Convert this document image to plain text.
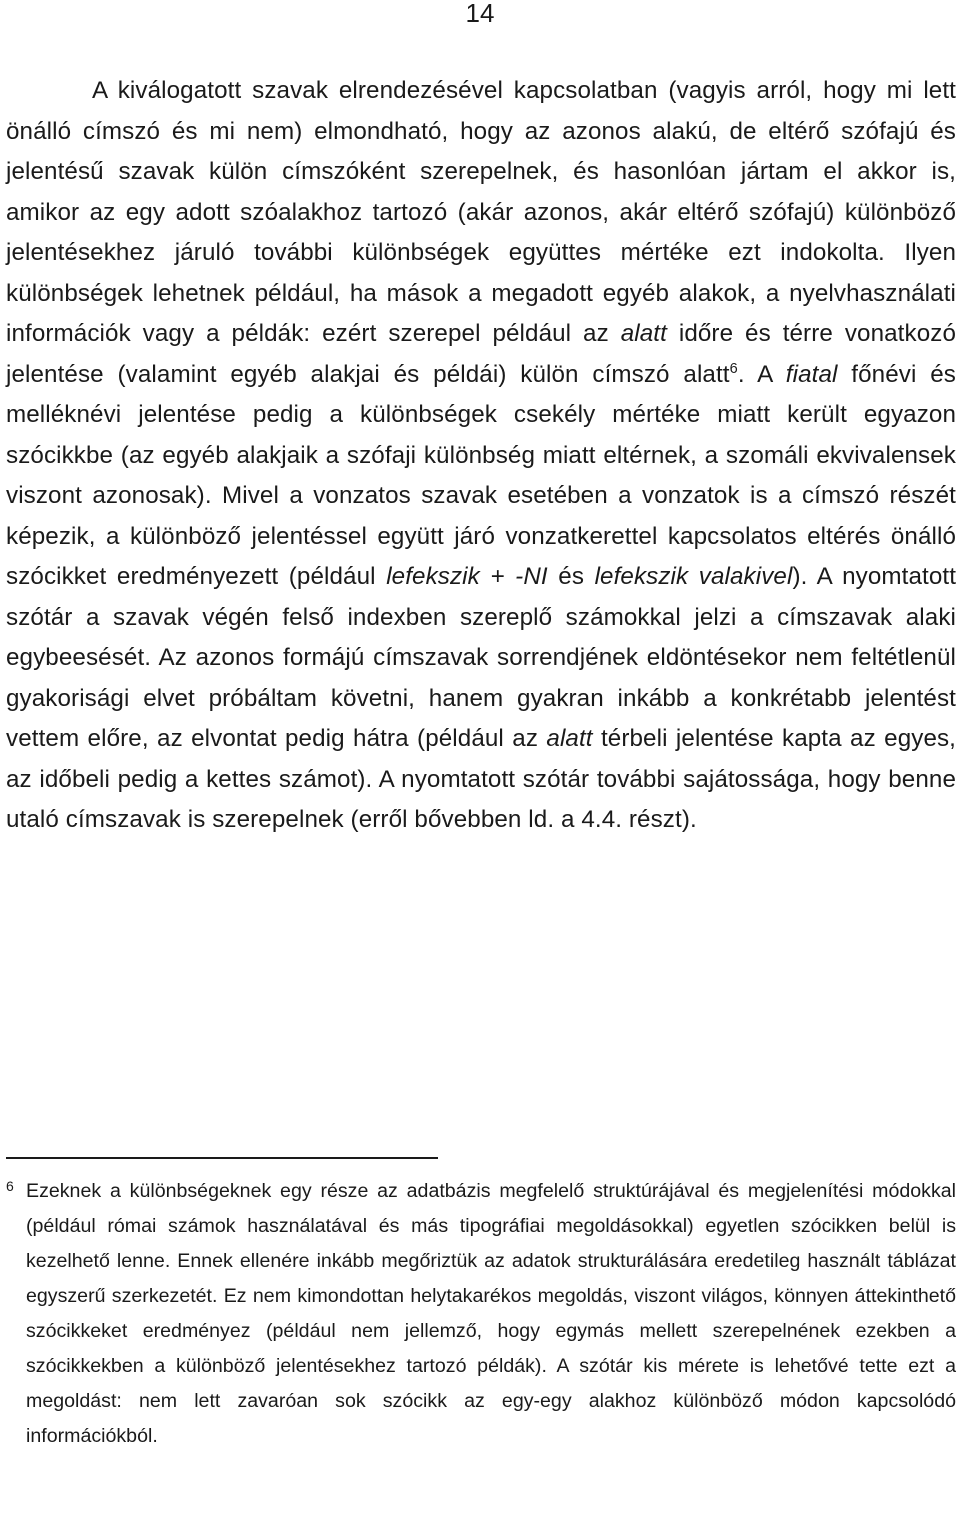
14

A kiválogatott szavak elrendezésével kapcsolatban (vagyis arról, hogy mi lett önálló címszó és mi nem) elmondható, hogy az azonos alakú, de eltérő szófajú és jelentésű szavak külön címszóként szerepelnek, és hasonlóan jártam el akkor is, amikor az egy adott szóalakhoz tartozó (akár azonos, akár eltérő szófajú) különböző jelentésekhez járuló további különbségek együttes mértéke ezt indokolta. Ilyen különbségek lehetnek például, ha mások a megadott egyéb alakok, a nyelvhasználati információk vagy a példák: ezért szerepel például az alatt időre és térre vonatkozó jelentése (valamint egyéb alakjai és példái) külön címszó alatt$^6$. A fiatal főnévi és melléknévi jelentése pedig a különbségek csekély mértéke miatt került egyazon szócikkbe (az egyéb alakjaik a szófaji különbség miatt eltérnek, a szomáli ekvivalensek viszont azonosak). Mivel a vonzatos szavak esetében a vonzatok is a címszó részét képezik, a különböző jelentéssel együtt járó vonzatkerettel kapcsolatos eltérés önálló szócikket eredményezett (például lefekszik + -NI és lefekszik valakivel). A nyomtatott szótár a szavak végén felső indexben szereplő számokkal jelzi a címszavak alaki egybeesését. Az azonos formájú címszavak sorrendjének eldöntésekor nem feltétlenül gyakorisági elvet próbáltam követni, hanem gyakran inkább a konkrétabb jelentést vettem előre, az elvontat pedig hátra (például az alatt térbeli jelentése kapta az egyes, az időbeli pedig a kettes számot). A nyomtatott szótár további sajátossága, hogy benne utaló címszavak is szerepelnek (erről bővebben ld. a 4.4. részt).

6 Ezeknek a különbségeknek egy része az adatbázis megfelelő struktúrájával és megjelenítési módokkal (például római számok használatával és más tipográfiai megoldásokkal) egyetlen szócikken belül is kezelhető lenne. Ennek ellenére inkább megőriztük az adatok strukturálására eredetileg használt táblázat egyszerű szerkezetét. Ez nem kimondottan helytakarékos megoldás, viszont világos, könnyen áttekinthető szócikkeket eredményez (például nem jellemző, hogy egymás mellett szerepelnének ezekben a szócikkekben a különböző jelentésekhez tartozó példák). A szótár kis mérete is lehetővé tette ezt a megoldást: nem lett zavaróan sok szócikk az egy-egy alakhoz különböző módon kapcsolódó információkból.
